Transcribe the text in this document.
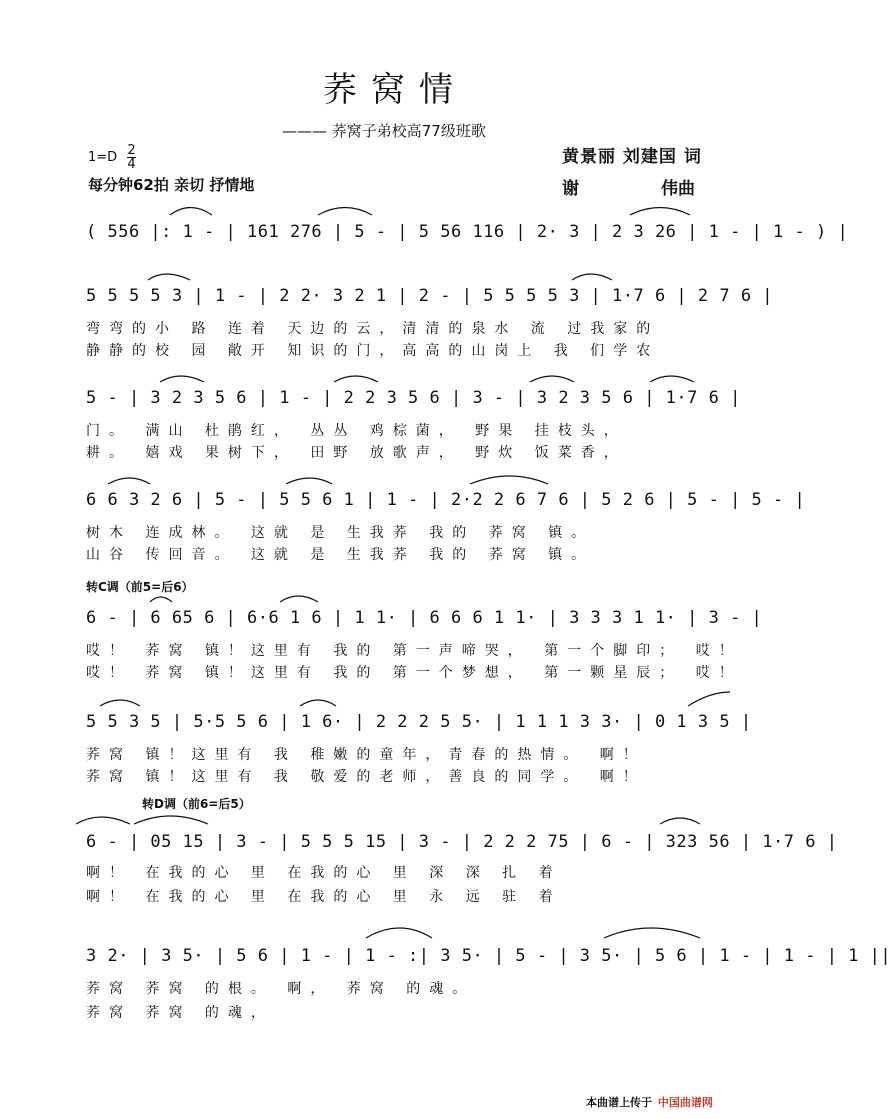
荞窝情
——— 荞窝子弟校高77级班歌
$1=D \frac{2}{4}$
每分钟62拍 亲切 抒情地
黄景丽 刘建国 词
谢	伟曲
( 556 |: 1 - | 161 276 | 5 - | 5 56 116 | 2· 3 | 2 3 26 | 1 - | 1 - ) |
5 5 5 5 3 | 1 - | 2 2· 3 2 1 | 2 - | 5 5 5 5 3 | 1·7 6 | 2 7 6 |
弯弯的小 路 连着 天边的云，清清的泉水 流 过我家的
静静的校 园 敞开 知识的门，高高的山岗上 我 们学农
5 - | 3 2 3 5 6 | 1 - | 2 2 3 5 6 | 3 - | 3 2 3 5 6 | 1·7 6 |
门。 满山 杜鹃红， 丛丛 鸡棕菌， 野果 挂枝头，
耕。 嬉戏 果树下， 田野 放歌声， 野炊 饭菜香，
6 6 3 2 6 | 5 - | 5 5 6 1 | 1 - | 2·2 2 6 7 6 | 5 2 6 | 5 - | 5 - |
树木 连成林。 这就 是 生我荞 我的 荞窝 镇。
山谷 传回音。 这就 是 生我荞 我的 荞窝 镇。
转C调（前5=后6）
6 - | 6 65 6 | 6·6 1 6 | 1 1· | 6 6 6 1 1· | 3 3 3 1 1· | 3 - |
哎！ 荞窝 镇！这里有 我的 第一声啼哭， 第一个脚印； 哎！
哎！ 荞窝 镇！这里有 我的 第一个梦想， 第一颗星辰； 哎！
5 5 3 5 | 5·5 5 6 | 1 6· | 2 2 2 5 5· | 1 1 1 3 3· | 0 1 3 5 |
荞窝 镇！这里有 我 稚嫩的童年，青春的热情。 啊！
荞窝 镇！这里有 我 敬爱的老师，善良的同学。 啊！
转D调（前6=后5）
6 - | 05 15 | 3 - | 5 5 5 15 | 3 - | 2 2 2 75 | 6 - | 323 56 | 1·7 6 |
啊！ 在我的心 里 在我的心 里 深 深 扎 着
啊！ 在我的心 里 在我的心 里 永 远 驻 着
3 2· | 3 5· | 5 6 | 1 - | 1 - :| 3 5· | 5 - | 3 5· | 5 6 | 1 - | 1 - | 1 ||
荞窝 荞窝 的根。 啊， 荞窝 的魂。
荞窝 荞窝 的魂，
本曲谱上传于 中国曲谱网
